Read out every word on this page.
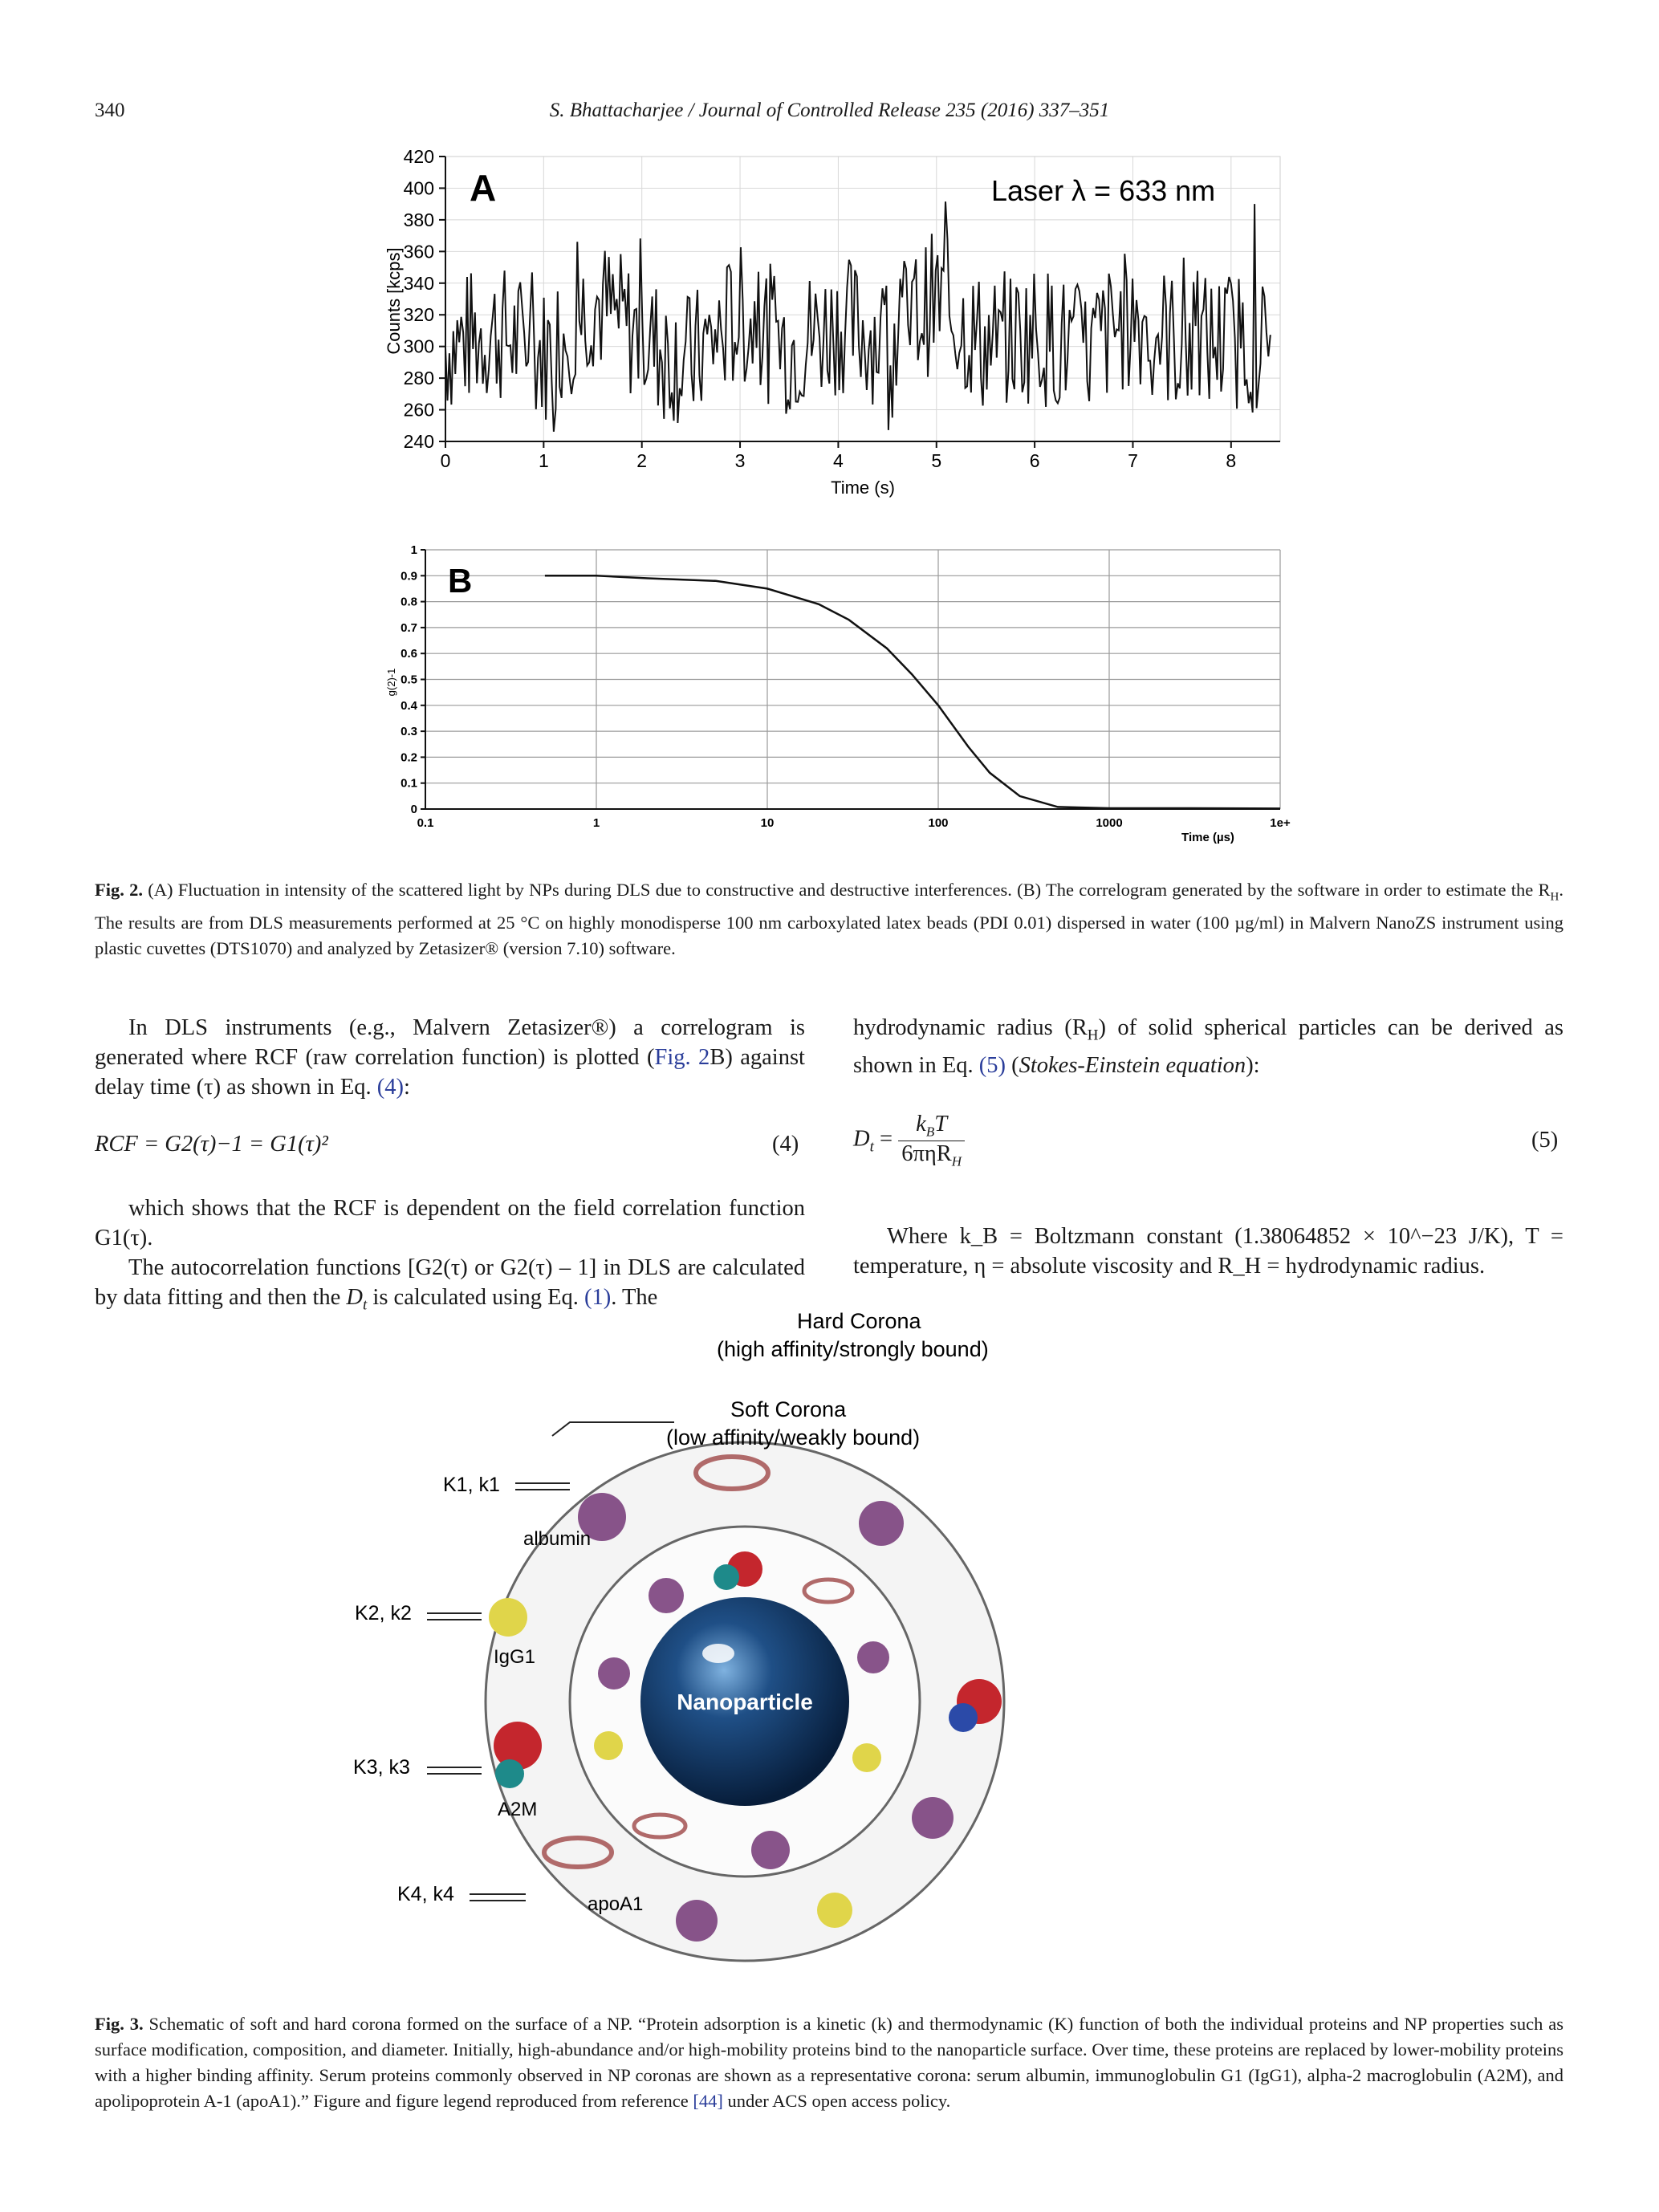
340	S. Bhattacharjee / Journal of Controlled Release 235 (2016) 337–351
240
260
280
300
320
340
360
380
400
420
0	1	2	3	4	5	6	7	8
A	Laser λ = 633 nm
Counts [kcps]
Time (s)
0
0.1
0.2
0.3
0.4
0.5
0.6
0.7
0.8
0.9
1
0.1	1	10	100	1000	1e+
B
g(2)-1
Time (µs)
Fig. 2. (A) Fluctuation in intensity of the scattered light by NPs during DLS due to constructive and destructive interferences. (B) The correlogram generated by the software in order to estimate the $R_H$. The results are from DLS measurements performed at 25 °C on highly monodisperse 100 nm carboxylated latex beads (PDI 0.01) dispersed in water (100 µg/ml) in Malvern NanoZS instrument using plastic cuvettes (DTS1070) and analyzed by Zetasizer® (version 7.10) software.

In DLS instruments (e.g., Malvern Zetasizer®) a correlogram is generated where RCF (raw correlation function) is plotted (Fig. 2B) against delay time (τ) as shown in Eq. (4):

RCF = G2(τ)−1 = G1(τ)²	(4)

which shows that the RCF is dependent on the field correlation function G1(τ).

The autocorrelation functions [G2(τ) or G2(τ) – 1] in DLS are calculated by data fitting and then the $D_t$ is calculated using Eq. (1). The

hydrodynamic radius $(R_H)$ of solid spherical particles can be derived as shown in Eq. (5) (Stokes-Einstein equation):

$D_t = \frac{k_BT}{6\pi\eta R_H}$	(5)

Where k_B = Boltzmann constant (1.38064852 × 10^−23 J/K), T = temperature, η = absolute viscosity and R_H = hydrodynamic radius.

Nanoparticle
Soft Corona
(low affinity/weakly bound)
Hard Corona
(high affinity/strongly bound)
K1, k1
K2, k2
K3, k3
K4, k4
albumin
IgG1
A2M
apoA1
Fig. 3. Schematic of soft and hard corona formed on the surface of a NP. “Protein adsorption is a kinetic (k) and thermodynamic (K) function of both the individual proteins and NP properties such as surface modification, composition, and diameter. Initially, high-abundance and/or high-mobility proteins bind to the nanoparticle surface. Over time, these proteins are replaced by lower-mobility proteins with a higher binding affinity. Serum proteins commonly observed in NP coronas are shown as a representative corona: serum albumin, immunoglobulin G1 (IgG1), alpha-2 macroglobulin (A2M), and apolipoprotein A-1 (apoA1).” Figure and figure legend reproduced from reference [44] under ACS open access policy.
